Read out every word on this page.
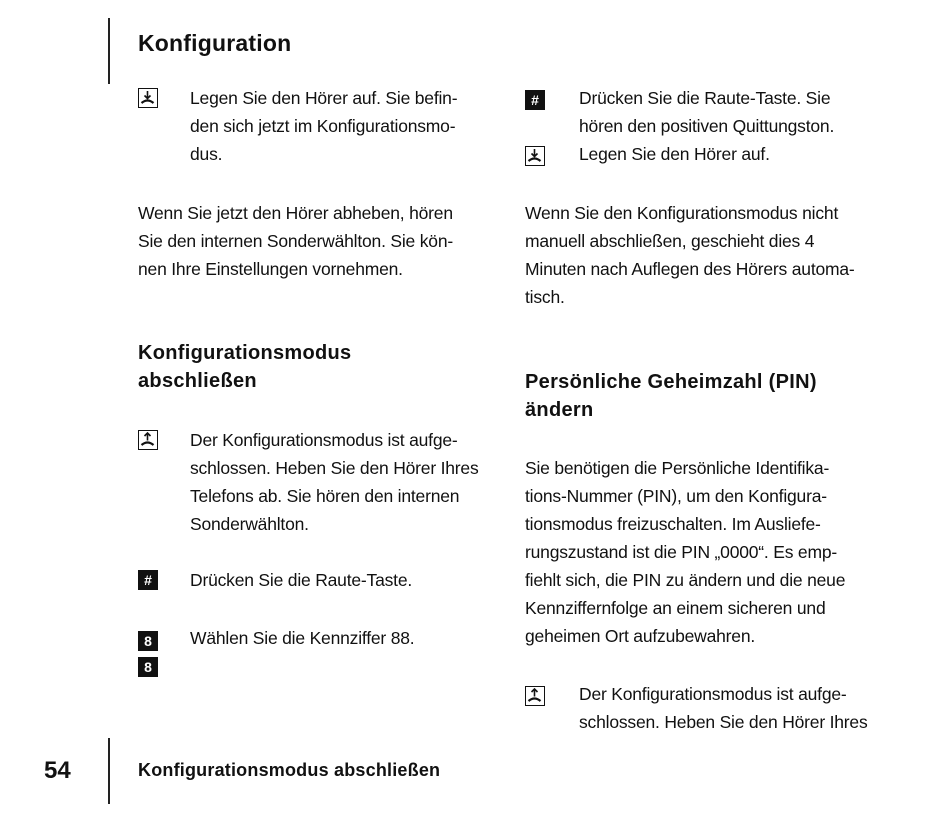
Konfiguration
Legen Sie den Hörer auf. Sie befin-
den sich jetzt im Konfigurationsmo-
dus.
Wenn Sie jetzt den Hörer abheben, hören
Sie den internen Sonderwählton. Sie kön-
nen Ihre Einstellungen vornehmen.
Konfigurationsmodus
abschließen
Der Konfigurationsmodus ist aufge-
schlossen. Heben Sie den Hörer Ihres
Telefons ab. Sie hören den internen
Sonderwählton.
#	Drücken Sie die Raute-Taste.
8
8
Wählen Sie die Kennziffer 88.
#	Drücken Sie die Raute-Taste. Sie
hören den positiven Quittungston.
Legen Sie den Hörer auf.
Wenn Sie den Konfigurationsmodus nicht
manuell abschließen, geschieht dies 4
Minuten nach Auflegen des Hörers automa-
tisch.
Persönliche Geheimzahl (PIN)
ändern
Sie benötigen die Persönliche Identifika-
tions-Nummer (PIN), um den Konfigura-
tionsmodus freizuschalten. Im Ausliefe-
rungszustand ist die PIN „0000“. Es emp-
fiehlt sich, die PIN zu ändern und die neue
Kennziffernfolge an einem sicheren und
geheimen Ort aufzubewahren.
Der Konfigurationsmodus ist aufge-
schlossen. Heben Sie den Hörer Ihres
54	Konfigurationsmodus abschließen
